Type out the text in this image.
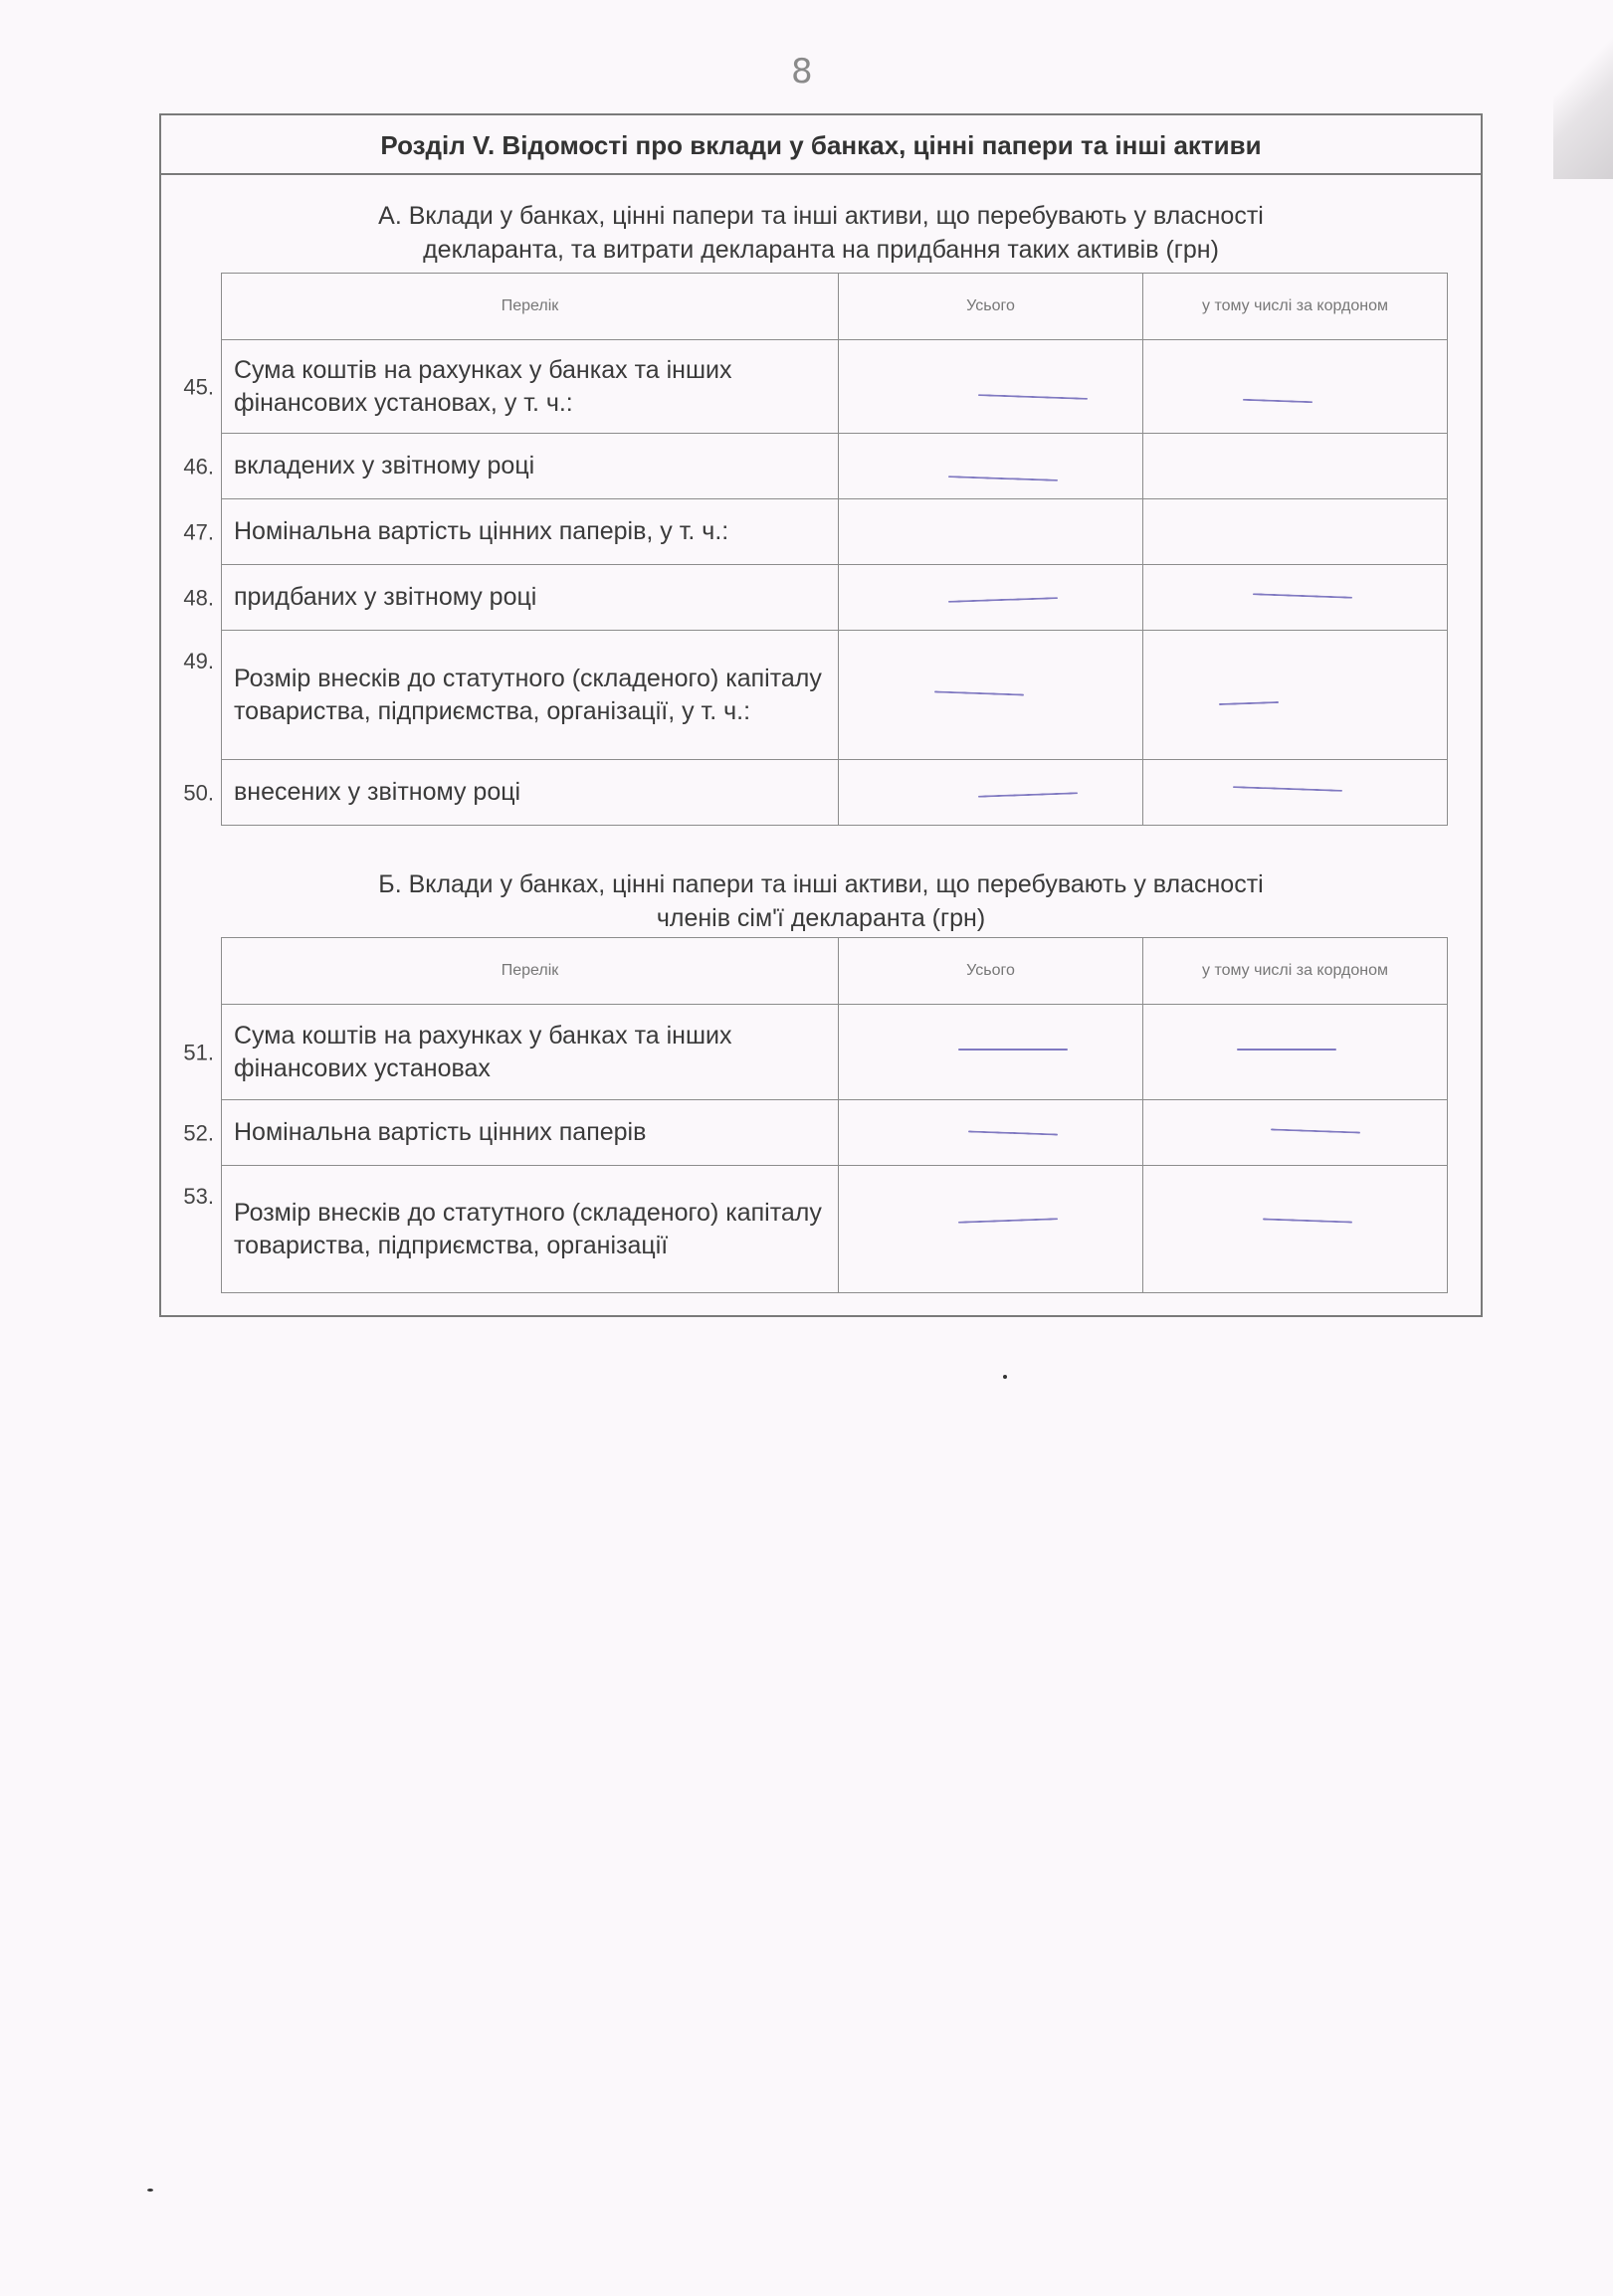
8
Розділ V. Відомості про вклади у банках, цінні папери та інші активи
А. Вклади у банках, цінні папери та інші активи, що перебувають у власності
декларанта, та витрати декларанта на придбання таких активів (грн)
Перелік	Усього	у тому числі за кордоном

45.
Сума коштів на рахунках у банках та інших фінансових установах, у т. ч.:	

46. вкладених у звітному році	

47. Номінальна вартість цінних паперів, у т. ч.:		

48. придбаних у звітному році	

49.
Розмір внесків до статутного (складеного) капіталу товариства, підприємства, організації, у т. ч.:	

50. внесених у звітному році	

Б. Вклади у банках, цінні папери та інші активи, що перебувають у власності
членів сім'ї декларанта (грн)
Перелік	Усього	у тому числі за кордоном

51.
Сума коштів на рахунках у банках та інших фінансових установах	

52. Номінальна вартість цінних паперів	

53.
Розмір внесків до статутного (складеного) капіталу товариства, підприємства, організації	
